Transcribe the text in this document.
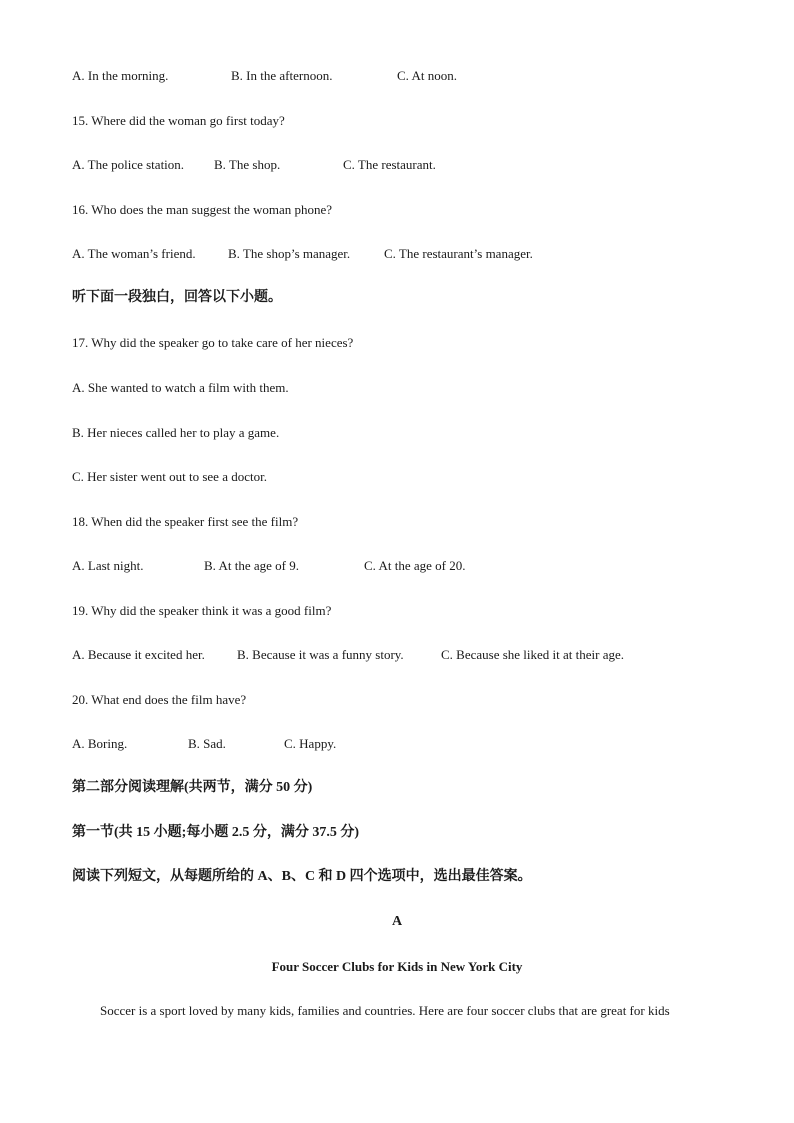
A. In the morning.	B. In the afternoon.	C. At noon.
15. Where did the woman go first today?
A. The police station. B. The shop.	C. The restaurant.
16. Who does the man suggest the woman phone?
A. The woman’s friend. B. The shop’s manager.	C. The restaurant’s manager.
听下面一段独白，回答以下小题。
17. Why did the speaker go to take care of her nieces?
A. She wanted to watch a film with them.
B. Her nieces called her to play a game.
C. Her sister went out to see a doctor.
18. When did the speaker first see the film?
A. Last night.	B. At the age of 9.	C. At the age of 20.
19. Why did the speaker think it was a good film?
A. Because it excited her. B. Because it was a funny story.	C. Because she liked it at their age.
20. What end does the film have?
A. Boring.	B. Sad.	C. Happy.
第二部分阅读理解(共两节，满分 50 分)
第一节(共 15 小题;每小题 2.5 分，满分 37.5 分)
阅读下列短文，从每题所给的 A、B、C 和 D 四个选项中，选出最佳答案。
A
Four Soccer Clubs for Kids in New York City
Soccer is a sport loved by many kids, families and countries. Here are four soccer clubs that are great for kids
